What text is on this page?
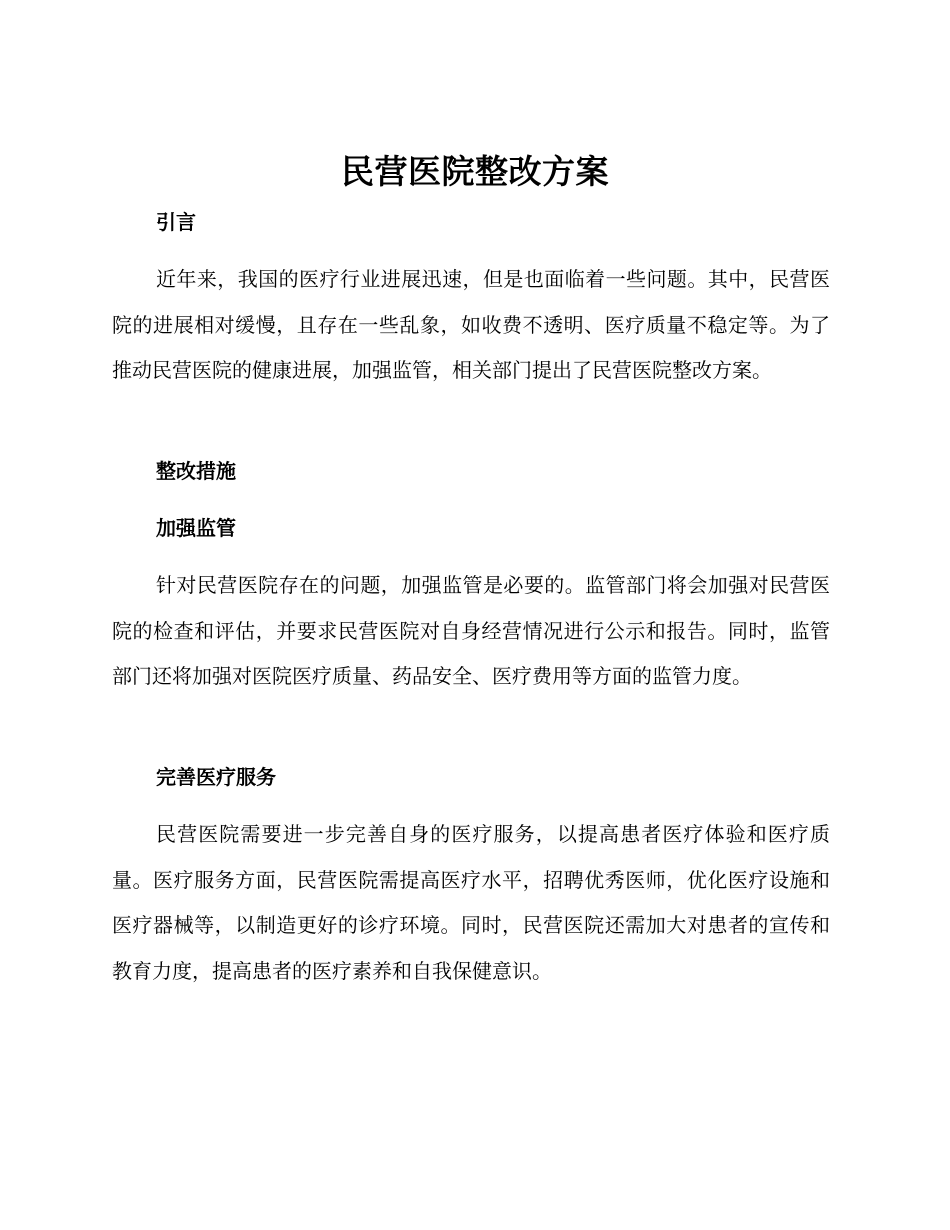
民营医院整改方案
引言

近年来，我国的医疗行业进展迅速，但是也面临着一些问题。其中，民营医院的进展相对缓慢，且存在一些乱象，如收费不透明、医疗质量不稳定等。为了推动民营医院的健康进展，加强监管，相关部门提出了民营医院整改方案。

整改措施
加强监管

针对民营医院存在的问题，加强监管是必要的。监管部门将会加强对民营医院的检查和评估，并要求民营医院对自身经营情况进行公示和报告。同时，监管部门还将加强对医院医疗质量、药品安全、医疗费用等方面的监管力度。

完善医疗服务

民营医院需要进一步完善自身的医疗服务，以提高患者医疗体验和医疗质量。医疗服务方面，民营医院需提高医疗水平，招聘优秀医师，优化医疗设施和医疗器械等，以制造更好的诊疗环境。同时，民营医院还需加大对患者的宣传和教育力度，提高患者的医疗素养和自我保健意识。
